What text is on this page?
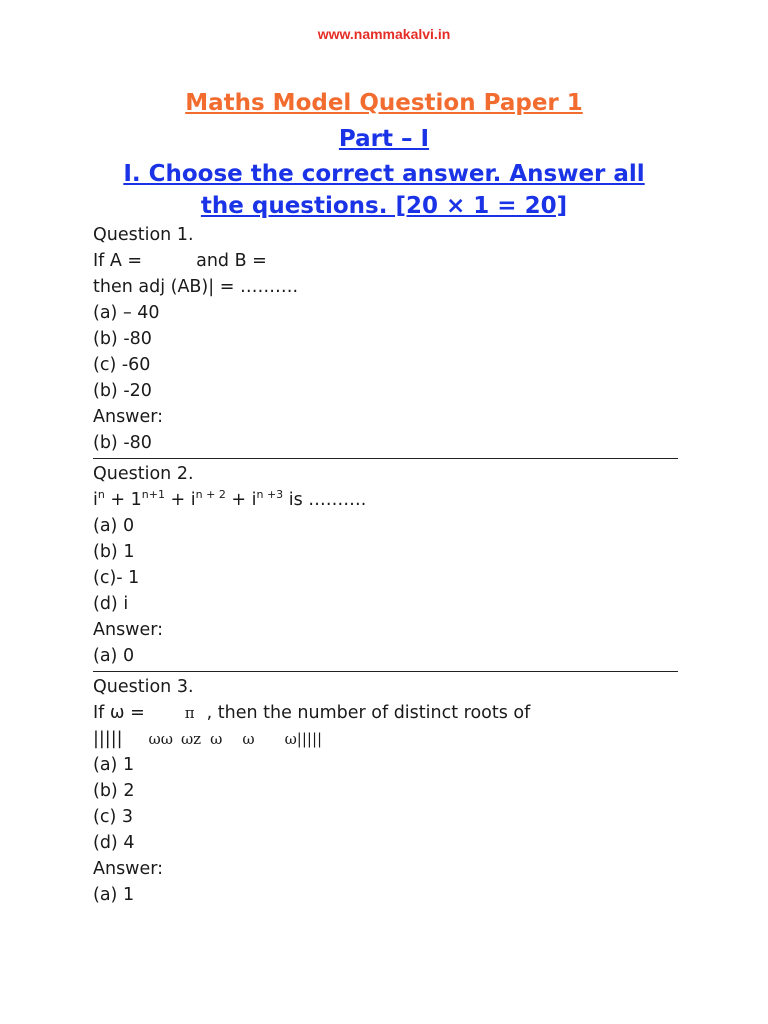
www.nammakalvi.in
Maths Model Question Paper 1
Part – I
I. Choose the correct answer. Answer all the questions. [20 × 1 = 20]
Question 1.
If A =	and B =
then adj (AB)| = ……….
(a) – 40
(b) -80
(c) -60
(b) -20
Answer:
(b) -80
Question 2.
$i^n + 1^{n+1} + i^{n + 2} + i^{n +3}$ is ……….
(a) 0
(b) 1
(c)- 1
(d) i
Answer:
(a) 0
Question 3.
If ω =	π , then the number of distinct roots of
||||| ωω ωz ω ω ω|||||
(a) 1
(b) 2
(c) 3
(d) 4
Answer:
(a) 1
